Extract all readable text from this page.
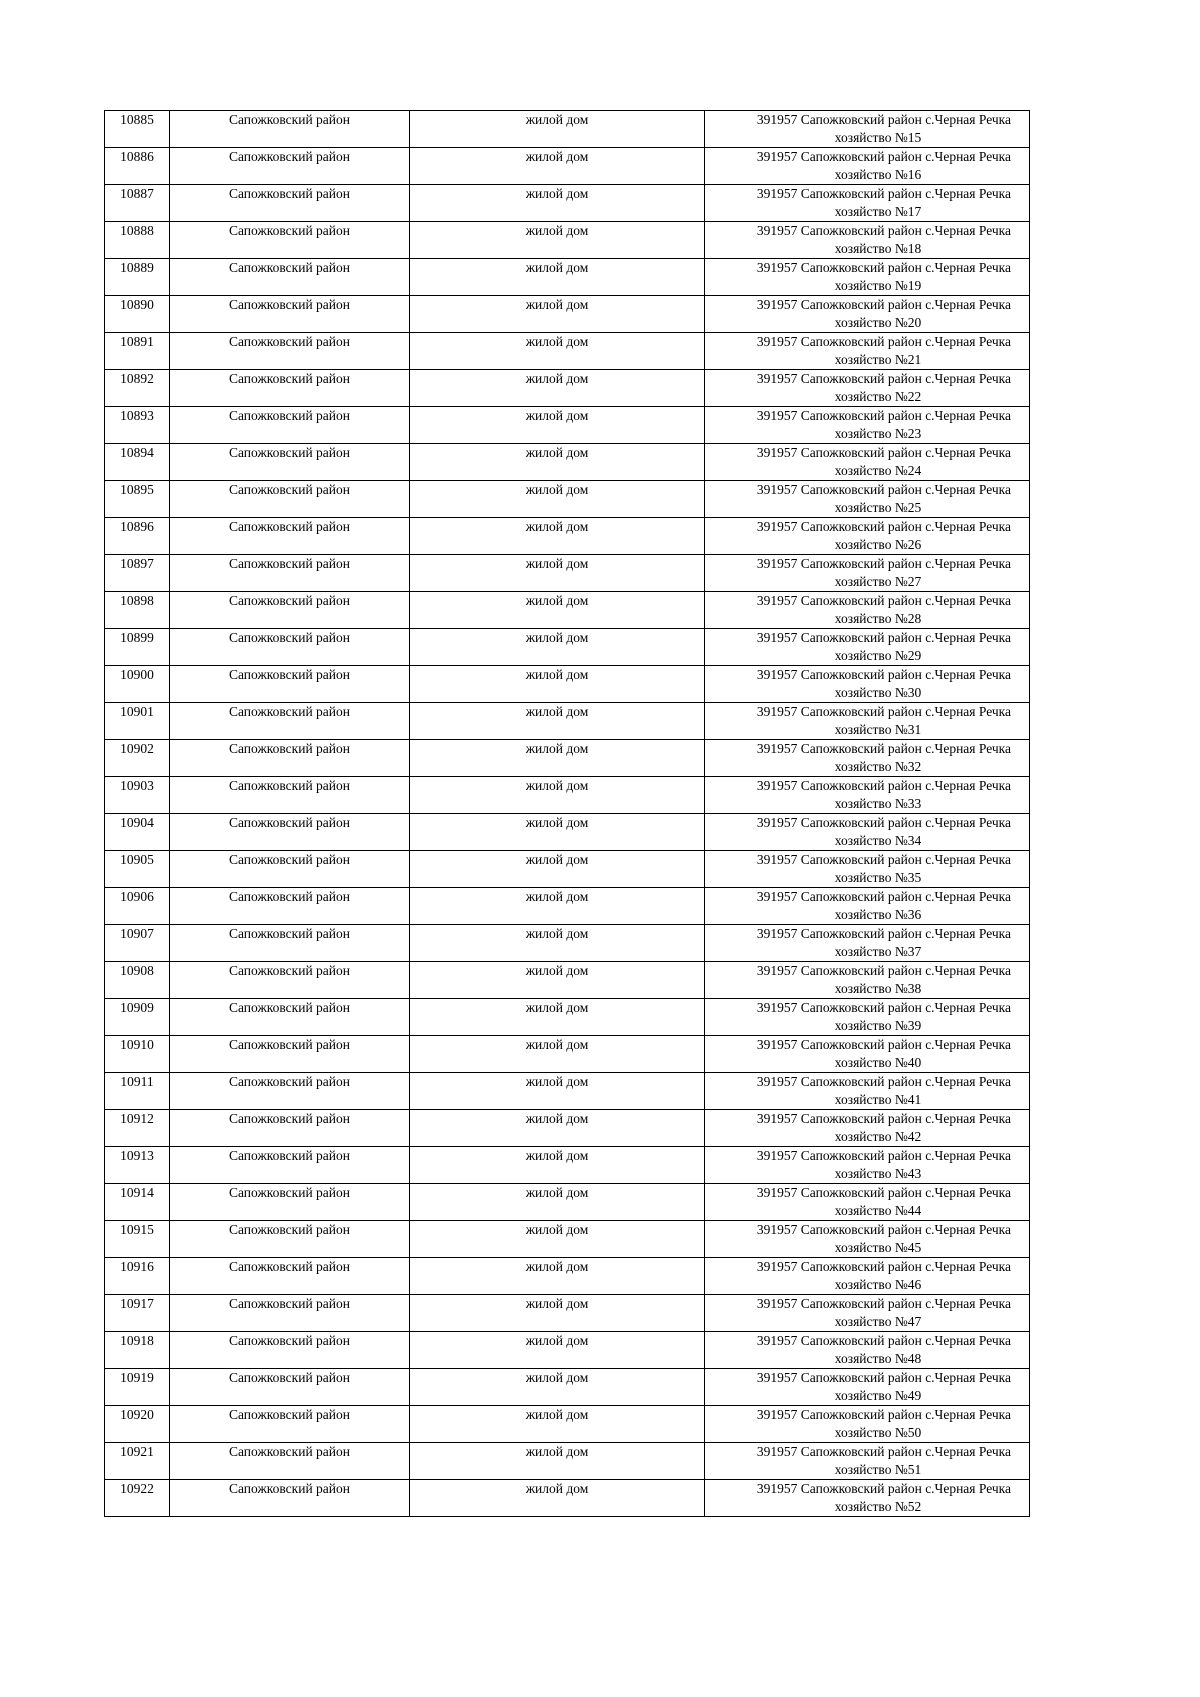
10885	Сапожковский район	жилой дом	391957 Сапожковский район с.Черная Речка
хозяйство №15

10886	Сапожковский район	жилой дом	391957 Сапожковский район с.Черная Речка
хозяйство №16

10887	Сапожковский район	жилой дом	391957 Сапожковский район с.Черная Речка
хозяйство №17

10888	Сапожковский район	жилой дом	391957 Сапожковский район с.Черная Речка
хозяйство №18

10889	Сапожковский район	жилой дом	391957 Сапожковский район с.Черная Речка
хозяйство №19

10890	Сапожковский район	жилой дом	391957 Сапожковский район с.Черная Речка
хозяйство №20

10891	Сапожковский район	жилой дом	391957 Сапожковский район с.Черная Речка
хозяйство №21

10892	Сапожковский район	жилой дом	391957 Сапожковский район с.Черная Речка
хозяйство №22

10893	Сапожковский район	жилой дом	391957 Сапожковский район с.Черная Речка
хозяйство №23

10894	Сапожковский район	жилой дом	391957 Сапожковский район с.Черная Речка
хозяйство №24

10895	Сапожковский район	жилой дом	391957 Сапожковский район с.Черная Речка
хозяйство №25

10896	Сапожковский район	жилой дом	391957 Сапожковский район с.Черная Речка
хозяйство №26

10897	Сапожковский район	жилой дом	391957 Сапожковский район с.Черная Речка
хозяйство №27

10898	Сапожковский район	жилой дом	391957 Сапожковский район с.Черная Речка
хозяйство №28

10899	Сапожковский район	жилой дом	391957 Сапожковский район с.Черная Речка
хозяйство №29

10900	Сапожковский район	жилой дом	391957 Сапожковский район с.Черная Речка
хозяйство №30

10901	Сапожковский район	жилой дом	391957 Сапожковский район с.Черная Речка
хозяйство №31

10902	Сапожковский район	жилой дом	391957 Сапожковский район с.Черная Речка
хозяйство №32

10903	Сапожковский район	жилой дом	391957 Сапожковский район с.Черная Речка
хозяйство №33

10904	Сапожковский район	жилой дом	391957 Сапожковский район с.Черная Речка
хозяйство №34

10905	Сапожковский район	жилой дом	391957 Сапожковский район с.Черная Речка
хозяйство №35

10906	Сапожковский район	жилой дом	391957 Сапожковский район с.Черная Речка
хозяйство №36

10907	Сапожковский район	жилой дом	391957 Сапожковский район с.Черная Речка
хозяйство №37

10908	Сапожковский район	жилой дом	391957 Сапожковский район с.Черная Речка
хозяйство №38

10909	Сапожковский район	жилой дом	391957 Сапожковский район с.Черная Речка
хозяйство №39

10910	Сапожковский район	жилой дом	391957 Сапожковский район с.Черная Речка
хозяйство №40

10911	Сапожковский район	жилой дом	391957 Сапожковский район с.Черная Речка
хозяйство №41

10912	Сапожковский район	жилой дом	391957 Сапожковский район с.Черная Речка
хозяйство №42

10913	Сапожковский район	жилой дом	391957 Сапожковский район с.Черная Речка
хозяйство №43

10914	Сапожковский район	жилой дом	391957 Сапожковский район с.Черная Речка
хозяйство №44

10915	Сапожковский район	жилой дом	391957 Сапожковский район с.Черная Речка
хозяйство №45

10916	Сапожковский район	жилой дом	391957 Сапожковский район с.Черная Речка
хозяйство №46

10917	Сапожковский район	жилой дом	391957 Сапожковский район с.Черная Речка
хозяйство №47

10918	Сапожковский район	жилой дом	391957 Сапожковский район с.Черная Речка
хозяйство №48

10919	Сапожковский район	жилой дом	391957 Сапожковский район с.Черная Речка
хозяйство №49

10920	Сапожковский район	жилой дом	391957 Сапожковский район с.Черная Речка
хозяйство №50

10921	Сапожковский район	жилой дом	391957 Сапожковский район с.Черная Речка
хозяйство №51

10922	Сапожковский район	жилой дом	391957 Сапожковский район с.Черная Речка
хозяйство №52
